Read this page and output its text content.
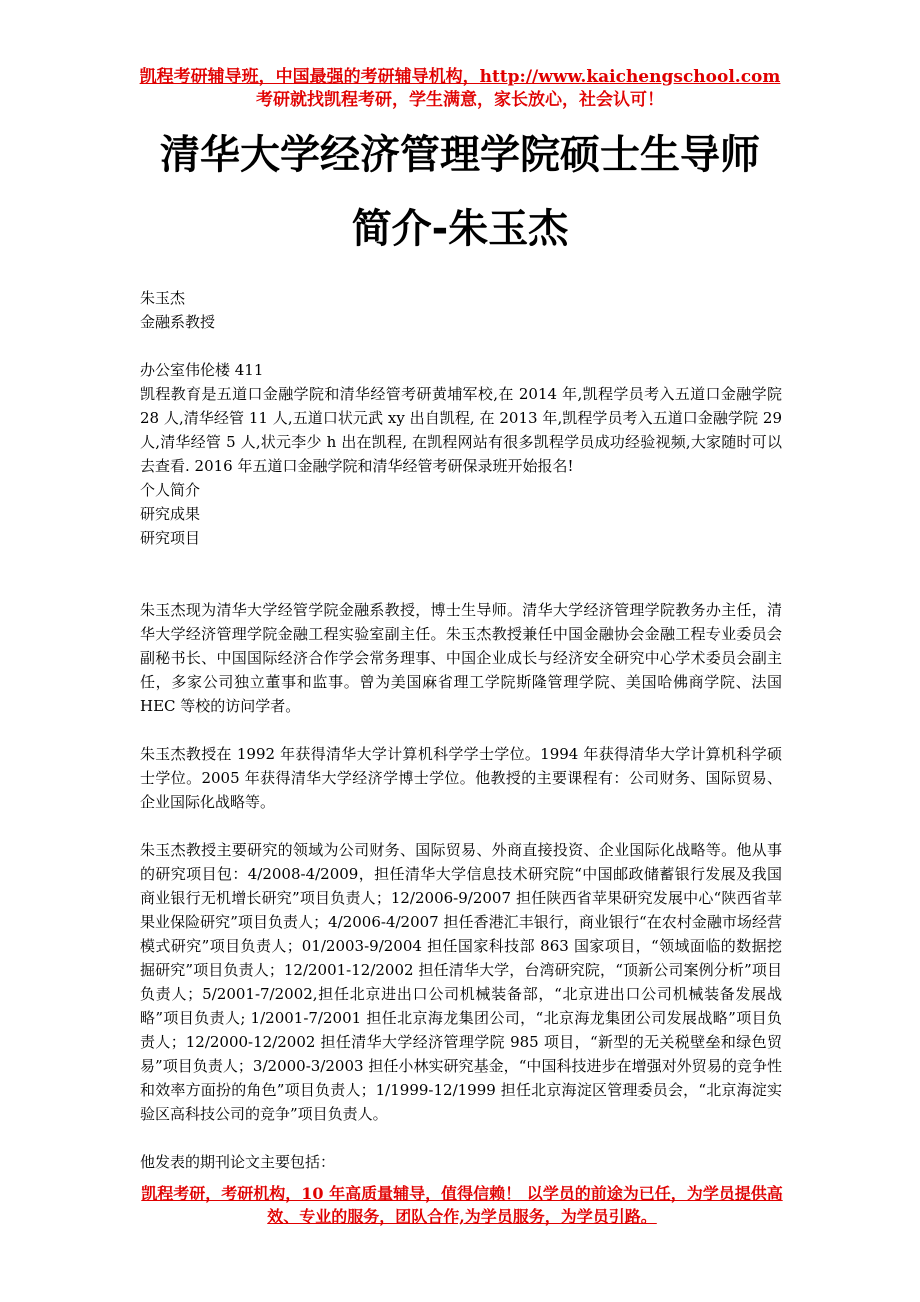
凯程考研辅导班，中国最强的考研辅导机构，http://www.kaichengschool.com
考研就找凯程考研，学生满意，家长放心，社会认可！
清华大学经济管理学院硕士生导师
简介-朱玉杰

朱玉杰

金融系教授

办公室伟伦楼 411

凯程教育是五道口金融学院和清华经管考研黄埔军校,在 2014 年,凯程学员考入五道口金融学院 28 人,清华经管 11 人,五道口状元武 xy 出自凯程, 在 2013 年,凯程学员考入五道口金融学院 29 人,清华经管 5 人,状元李少 h 出在凯程, 在凯程网站有很多凯程学员成功经验视频,大家随时可以去查看. 2016 年五道口金融学院和清华经管考研保录班开始报名!

个人简介

研究成果

研究项目

朱玉杰现为清华大学经管学院金融系教授，博士生导师。清华大学经济管理学院教务办主任，清华大学经济管理学院金融工程实验室副主任。朱玉杰教授兼任中国金融协会金融工程专业委员会副秘书长、中国国际经济合作学会常务理事、中国企业成长与经济安全研究中心学术委员会副主任，多家公司独立董事和监事。曾为美国麻省理工学院斯隆管理学院、美国哈佛商学院、法国 HEC 等校的访问学者。
朱玉杰教授在 1992 年获得清华大学计算机科学学士学位。1994 年获得清华大学计算机科学硕士学位。2005 年获得清华大学经济学博士学位。他教授的主要课程有：公司财务、国际贸易、企业国际化战略等。
朱玉杰教授主要研究的领域为公司财务、国际贸易、外商直接投资、企业国际化战略等。他从事的研究项目包：4/2008-4/2009，担任清华大学信息技术研究院“中国邮政储蓄银行发展及我国商业银行无机增长研究”项目负责人；12/2006-9/2007 担任陕西省苹果研究发展中心“陕西省苹果业保险研究”项目负责人；4/2006-4/2007 担任香港汇丰银行，商业银行“在农村金融市场经营模式研究”项目负责人；01/2003-9/2004 担任国家科技部 863 国家项目，“领域面临的数据挖掘研究”项目负责人；12/2001-12/2002 担任清华大学，台湾研究院，“顶新公司案例分析”项目负责人；5/2001-7/2002,担任北京进出口公司机械装备部，“北京进出口公司机械装备发展战略”项目负责人; 1/2001-7/2001 担任北京海龙集团公司，“北京海龙集团公司发展战略”项目负责人；12/2000-12/2002 担任清华大学经济管理学院 985 项目，“新型的无关税壁垒和绿色贸易”项目负责人；3/2000-3/2003 担任小林实研究基金，“中国科技进步在增强对外贸易的竞争性和效率方面扮的角色”项目负责人；1/1999-12/1999 担任北京海淀区管理委员会，“北京海淀实验区高科技公司的竞争”项目负责人。
他发表的期刊论文主要包括：
凯程考研，考研机构，10 年高质量辅导，值得信赖！ 以学员的前途为已任，为学员提供高效、专业的服务，团队合作,为学员服务，为学员引路。
